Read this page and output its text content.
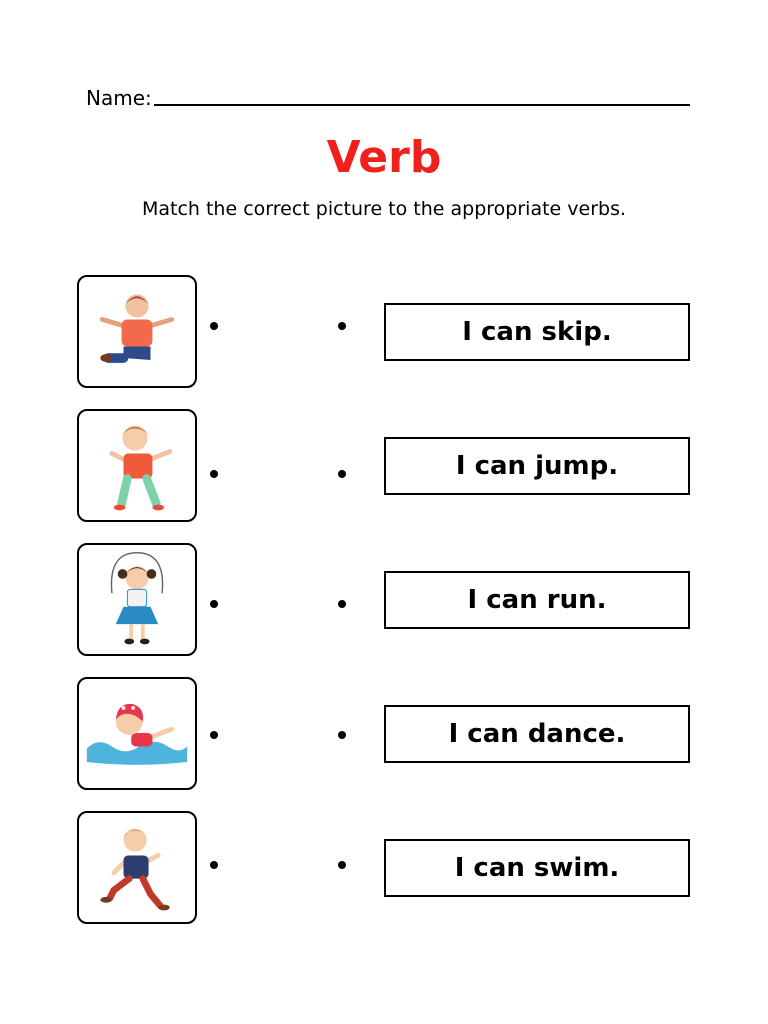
Name:
Verb
Match the correct picture to the appropriate verbs.
I can skip.
I can jump.
I can run.
I can dance.
I can swim.
